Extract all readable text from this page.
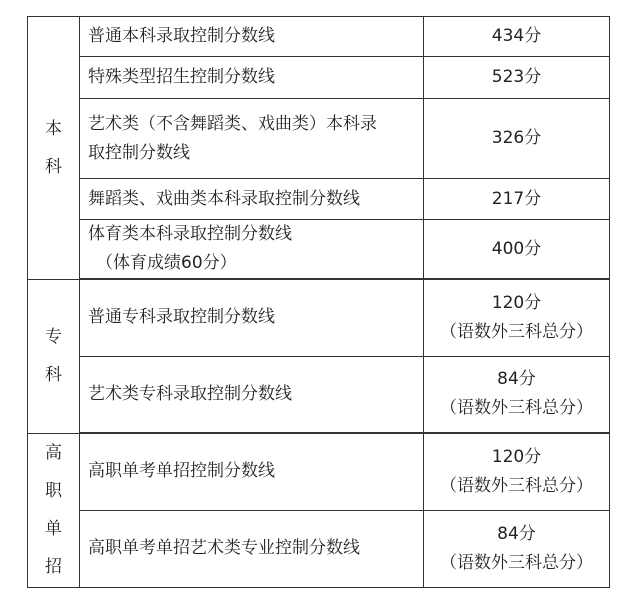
本
科	普通本科录取控制分数线	434分
	特殊类型招生控制分数线	523分
	艺术类（不含舞蹈类、戏曲类）本科录
取控制分数线	326分
	舞蹈类、戏曲类本科录取控制分数线	217分
	体育类本科录取控制分数线
（体育成绩60分）	400分

专
科	普通专科录取控制分数线	120分
（语数外三科总分）

	艺术类专科录取控制分数线	84分
（语数外三科总分）

高
职
单
招	高职单考单招控制分数线	120分
（语数外三科总分）

	高职单考单招艺术类专业控制分数线	84分
（语数外三科总分）
